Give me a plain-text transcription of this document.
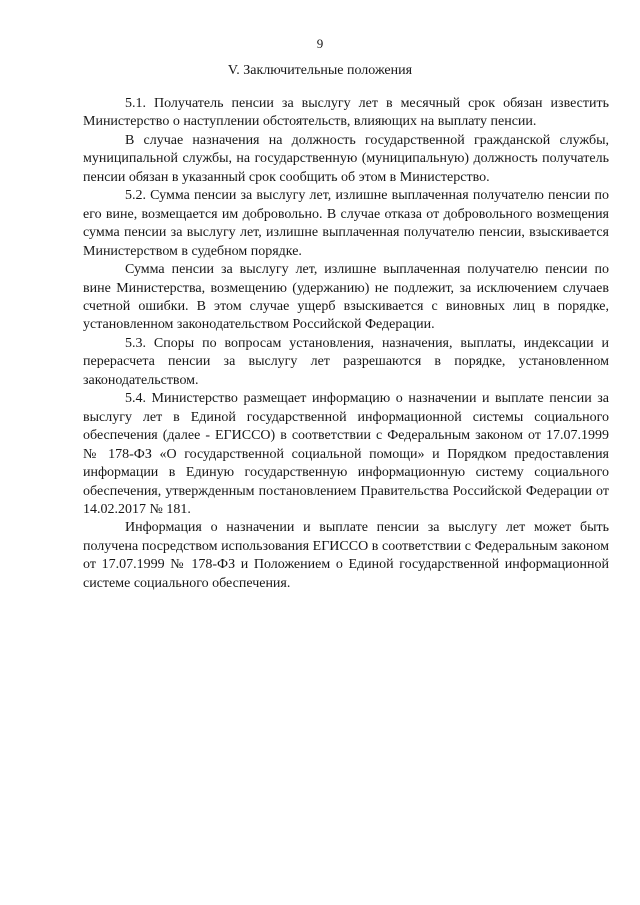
9
V. Заключительные положения

5.1. Получатель пенсии за выслугу лет в месячный срок обязан известить Министерство о наступлении обстоятельств, влияющих на выплату пенсии.

В случае назначения на должность государственной гражданской службы, муниципальной службы, на государственную (муниципальную) должность получатель пенсии обязан в указанный срок сообщить об этом в Министерство.

5.2. Сумма пенсии за выслугу лет, излишне выплаченная получателю пенсии по его вине, возмещается им добровольно. В случае отказа от добровольного возмещения сумма пенсии за выслугу лет, излишне выплаченная получателю пенсии, взыскивается Министерством в судебном порядке.

Сумма пенсии за выслугу лет, излишне выплаченная получателю пенсии по вине Министерства, возмещению (удержанию) не подлежит, за исключением случаев счетной ошибки. В этом случае ущерб взыскивается с виновных лиц в порядке, установленном законодательством Российской Федерации.

5.3. Споры по вопросам установления, назначения, выплаты, индексации и перерасчета пенсии за выслугу лет разрешаются в порядке, установленном законодательством.

5.4. Министерство размещает информацию о назначении и выплате пенсии за выслугу лет в Единой государственной информационной системы социального обеспечения (далее - ЕГИССО) в соответствии с Федеральным законом от 17.07.1999 № 178-ФЗ «О государственной социальной помощи» и Порядком предоставления информации в Единую государственную информационную систему социального обеспечения, утвержденным постановлением Правительства Российской Федерации от 14.02.2017 № 181.

Информация о назначении и выплате пенсии за выслугу лет может быть получена посредством использования ЕГИССО в соответствии с Федеральным законом от 17.07.1999 № 178-ФЗ и Положением о Единой государственной информационной системе социального обеспечения.
